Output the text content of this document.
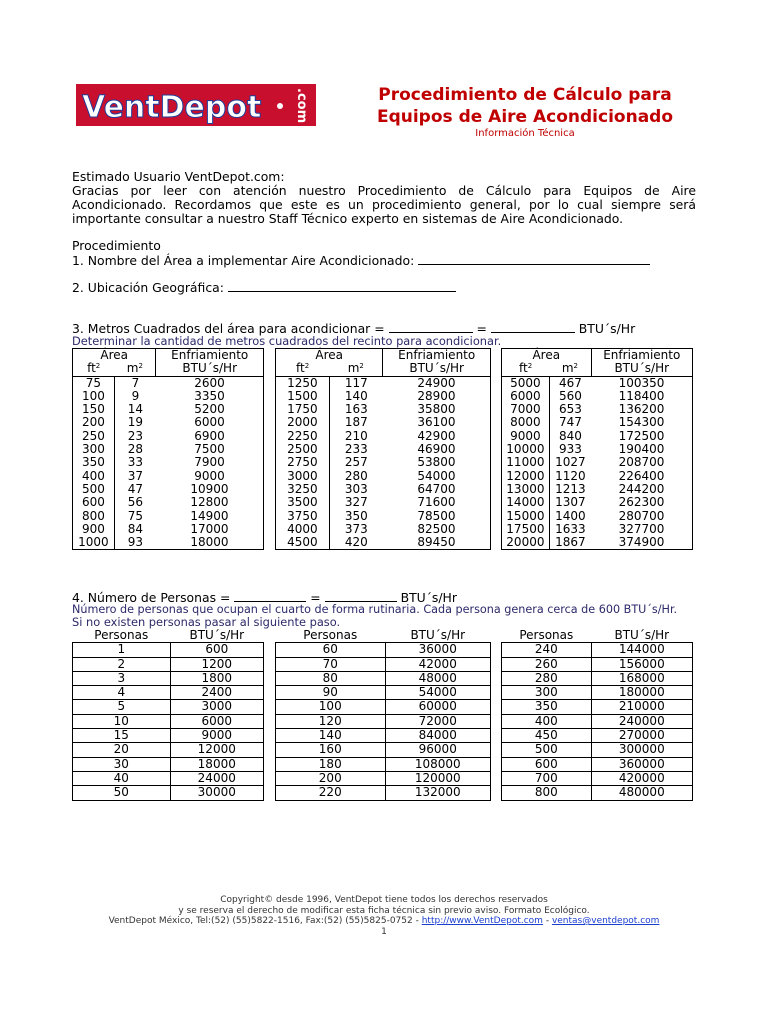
VentDepot	.com	Procedimiento de Cálculo para
Equipos de Aire Acondicionado
Información Técnica
Estimado Usuario VentDepot.com:
Gracias por leer con atención nuestro Procedimiento de Cálculo para Equipos de Aire Acondicionado. Recordamos que este es un procedimiento general, por lo cual siempre será importante consultar a nuestro Staff Técnico experto en sistemas de Aire Acondicionado.
Procedimiento
1. Nombre del Área a implementar Aire Acondicionado:
2. Ubicación Geográfica:
3. Metros Cuadrados del área para acondicionar =	=	BTU´s/Hr
Determinar la cantidad de metros cuadrados del recinto para acondicionar.
Área		Enfriamiento
$ft^2$	$m^2$	BTU´s/Hr
75	7	2600
100	9	3350
150	14	5200
200	19	6000
250	23	6900
300	28	7500
350	33	7900
400	37	9000
500	47	10900
600	56	12800
800	75	14900
900	84	17000
1000	93	18000
Área		Enfriamiento
$ft^2$	$m^2$	BTU´s/Hr
1250	117	24900
1500	140	28900
1750	163	35800
2000	187	36100
2250	210	42900
2500	233	46900
2750	257	53800
3000	280	54000
3250	303	64700
3500	327	71600
3750	350	78500
4000	373	82500
4500	420	89450
Área		Enfriamiento
$ft^2$	$m^2$	BTU´s/Hr
5000	467	100350
6000	560	118400
7000	653	136200
8000	747	154300
9000	840	172500
10000	933	190400
11000	1027	208700
12000	1120	226400
13000	1213	244200
14000	1307	262300
15000	1400	280700
17500	1633	327700
20000	1867	374900
4. Número de Personas =	=	BTU´s/Hr
Número de personas que ocupan el cuarto de forma rutinaria. Cada persona genera cerca de 600 BTU´s/Hr.
Si no existen personas pasar al siguiente paso.
Personas	BTU´s/Hr
1	600
2	1200
3	1800
4	2400
5	3000
10	6000
15	9000
20	12000
30	18000
40	24000
50	30000
Personas	BTU´s/Hr
60	36000
70	42000
80	48000
90	54000
100	60000
120	72000
140	84000
160	96000
180	108000
200	120000
220	132000
Personas	BTU´s/Hr
240	144000
260	156000
280	168000
300	180000
350	210000
400	240000
450	270000
500	300000
600	360000
700	420000
800	480000
Copyright© desde 1996, VentDepot tiene todos los derechos reservados
y se reserva el derecho de modificar esta ficha técnica sin previo aviso. Formato Ecológico.
VentDepot México, Tel:(52) (55)5822-1516, Fax:(52) (55)5825-0752 - http://www.VentDepot.com - ventas@ventdepot.com
1
